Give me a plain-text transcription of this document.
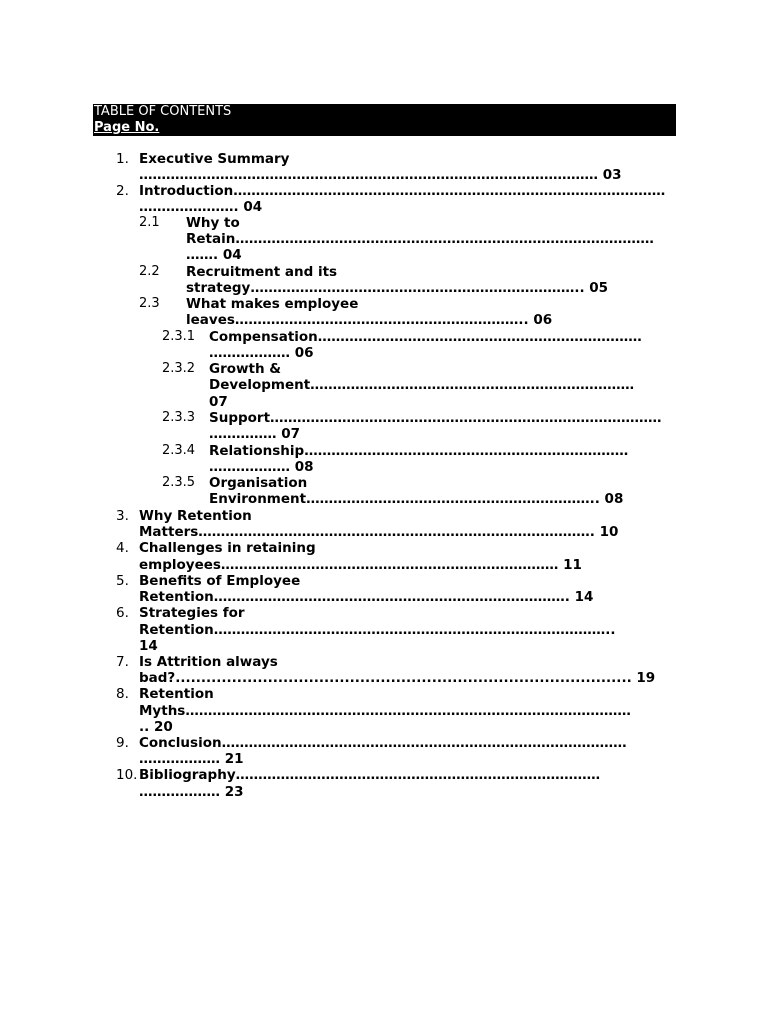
TABLE OF CONTENTS
Page No.
1. Executive Summary
………………………………………………………………………………………… 03
2. Introduction……………………………………………………………………………………
…………………. 04
2.1 Why to
Retain…………………………………………………………………………………
……. 04
2.2 Recruitment and its
strategy……………………………………………………………….. 05
2.3 What makes employee
leaves……………………………………………………….. 06
2.3.1 Compensation………………………………………………………………
……………… 06
2.3.2 Growth &
Development………………………………………………………………
07
2.3.3 Support……………………………………………………………………………
…………… 07
2.3.4 Relationship………………………………………………………………
……………… 08
2.3.5 Organisation
Environment……………………………………………………….. 08
3. Why Retention
Matters……………………………………………………………………………. 10
4. Challenges in retaining
employees………………………………………………………………… 11
5. Benefits of Employee
Retention……………………………………………………………………. 14
6. Strategies for
Retention……………………………………………………………………………..
14
7. Is Attrition always
bad?......................................................................................... 19
8. Retention
Myths………………………………………………………………………………………
.. 20
9. Conclusion………………………………………………………………………………
……………… 21
10. Bibliography………………………………………………………………………
……………… 23
